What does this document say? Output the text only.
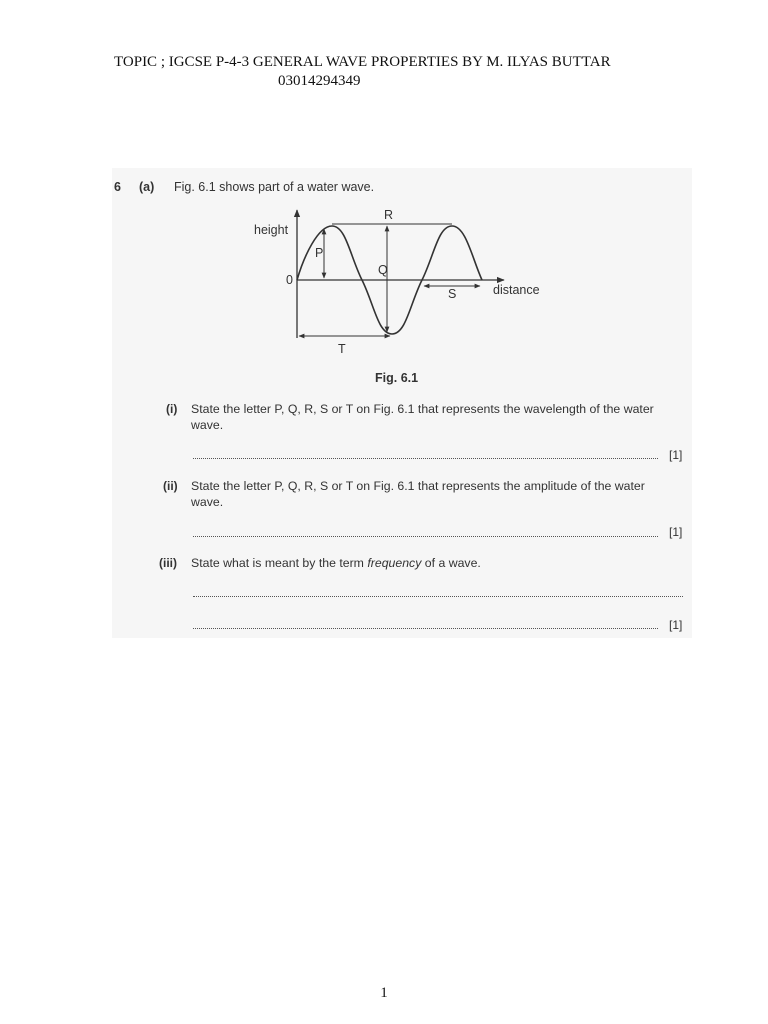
TOPIC ; IGCSE P-4-3 GENERAL WAVE PROPERTIES BY M. ILYAS BUTTAR
03014294349
6 (a) Fig. 6.1 shows part of a water wave.
height
distance
0
P
Q
R
S
T
Fig. 6.1
(i) State the letter P, Q, R, S or T on Fig. 6.1 that represents the wavelength of the water
wave.
[1]
(ii) State the letter P, Q, R, S or T on Fig. 6.1 that represents the amplitude of the water
wave.
[1]
(iii) State what is meant by the term frequency of a wave.
[1]
1
